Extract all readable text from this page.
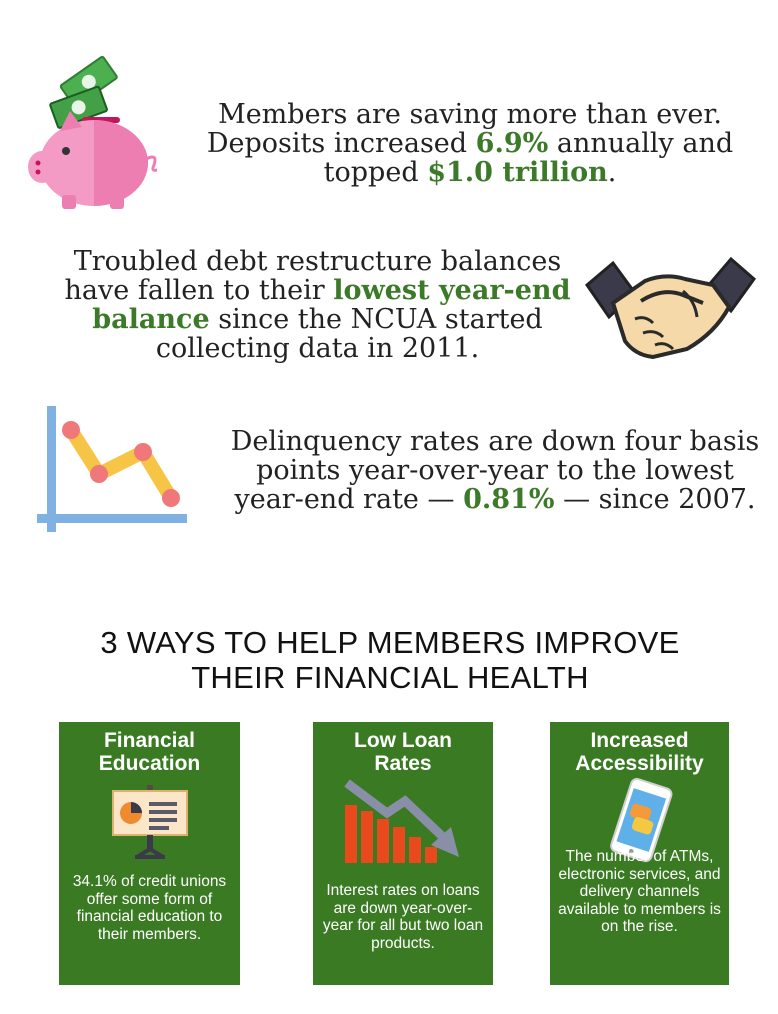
Members are saving more than ever.
Deposits increased 6.9% annually and
topped $1.0 trillion.
Troubled debt restructure balances
have fallen to their lowest year-end
balance since the NCUA started
collecting data in 2011.
Delinquency rates are down four basis
points year-over-year to the lowest
year-end rate — 0.81% — since 2007.
3 WAYS TO HELP MEMBERS IMPROVE
THEIR FINANCIAL HEALTH
Financial
Education
34.1% of credit unions offer some form of financial education to their members.
Low Loan
Rates
Interest rates on loans are down year-over-year for all but two loan products.
Increased
Accessibility
The number of ATMs, electronic services, and delivery channels available to members is on the rise.
